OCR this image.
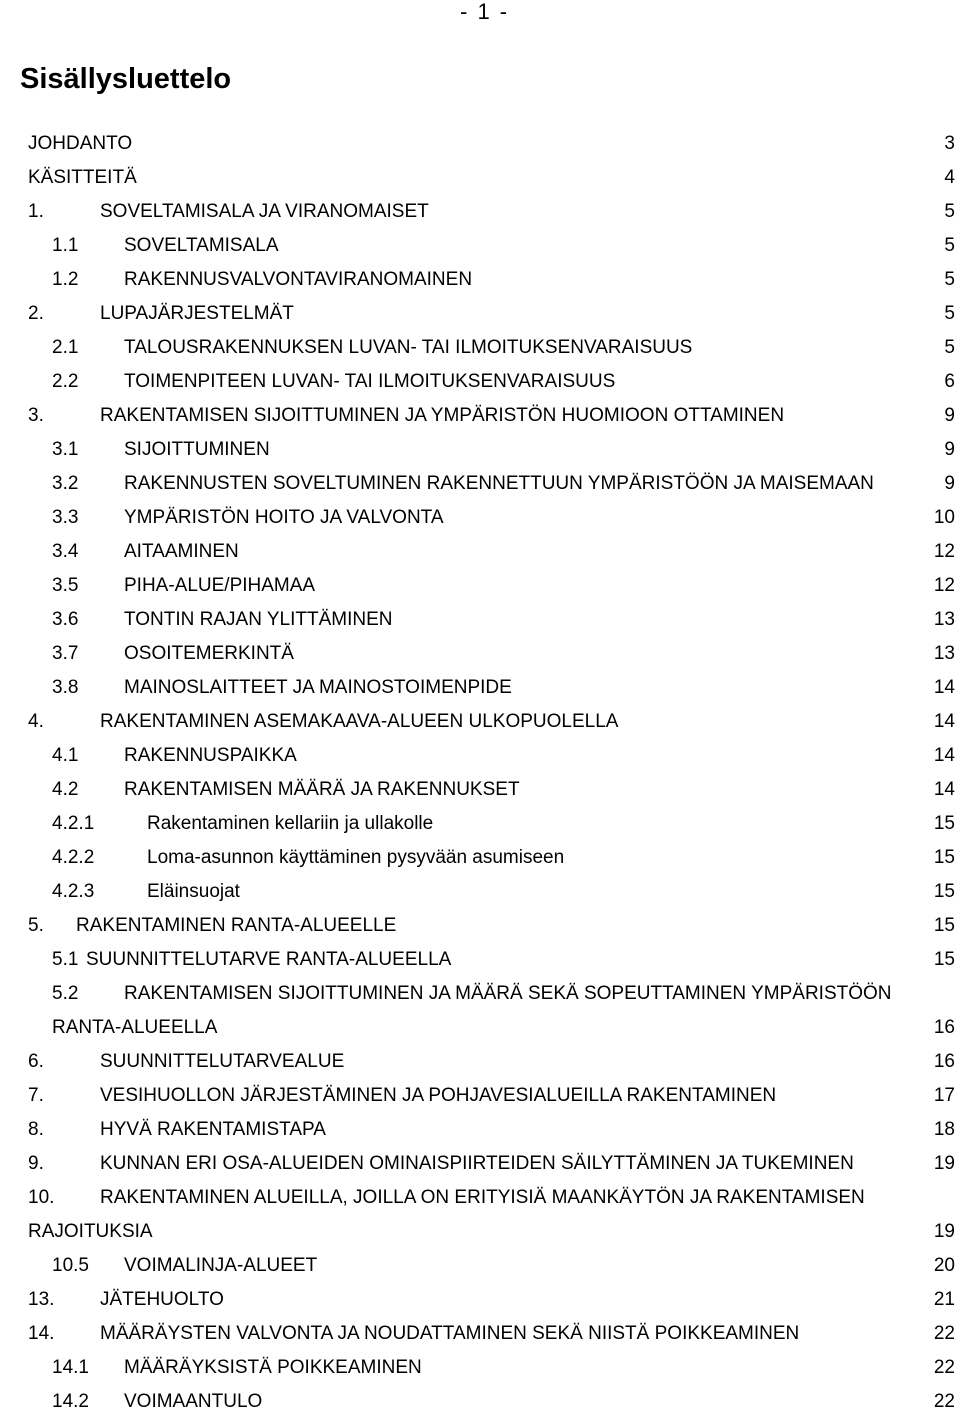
- 1 -
Sisällysluettelo
JOHDANTO	3
KÄSITTEITÄ	4
1.	SOVELTAMISALA JA VIRANOMAISET	5
1.1 SOVELTAMISALA	5
1.2 RAKENNUSVALVONTAVIRANOMAINEN	5
2.	LUPAJÄRJESTELMÄT	5
2.1 TALOUSRAKENNUKSEN LUVAN- TAI ILMOITUKSENVARAISUUS	5
2.2 TOIMENPITEEN LUVAN- TAI ILMOITUKSENVARAISUUS	6
3.	RAKENTAMISEN SIJOITTUMINEN JA YMPÄRISTÖN HUOMIOON OTTAMINEN	9
3.1 SIJOITTUMINEN	9
3.2 RAKENNUSTEN SOVELTUMINEN RAKENNETTUUN YMPÄRISTÖÖN JA MAISEMAAN	9
3.3 YMPÄRISTÖN HOITO JA VALVONTA	10
3.4 AITAAMINEN	12
3.5 PIHA-ALUE/PIHAMAA	12
3.6 TONTIN RAJAN YLITTÄMINEN	13
3.7 OSOITEMERKINTÄ	13
3.8 MAINOSLAITTEET JA MAINOSTOIMENPIDE	14
4.	RAKENTAMINEN ASEMAKAAVA-ALUEEN ULKOPUOLELLA	14
4.1 RAKENNUSPAIKKA	14
4.2 RAKENTAMISEN MÄÄRÄ JA RAKENNUKSET	14
4.2.1	Rakentaminen kellariin ja ullakolle	15
4.2.2	Loma-asunnon käyttäminen pysyvään asumiseen	15
4.2.3	Eläinsuojat	15
5. RAKENTAMINEN RANTA-ALUEELLE	15
5.1 SUUNNITTELUTARVE RANTA-ALUEELLA	15
5.2 RAKENTAMISEN SIJOITTUMINEN JA MÄÄRÄ SEKÄ SOPEUTTAMINEN YMPÄRISTÖÖN
RANTA-ALUEELLA	16
6.	SUUNNITTELUTARVEALUE	16
7.	VESIHUOLLON JÄRJESTÄMINEN JA POHJAVESIALUEILLA RAKENTAMINEN	17
8.	HYVÄ RAKENTAMISTAPA	18
9.	KUNNAN ERI OSA-ALUEIDEN OMINAISPIIRTEIDEN SÄILYTTÄMINEN JA TUKEMINEN	19
10. RAKENTAMINEN ALUEILLA, JOILLA ON ERITYISIÄ MAANKÄYTÖN JA RAKENTAMISEN
RAJOITUKSIA	19
10.5 VOIMALINJA-ALUEET	20
13. JÄTEHUOLTO	21
14. MÄÄRÄYSTEN VALVONTA JA NOUDATTAMINEN SEKÄ NIISTÄ POIKKEAMINEN	22
14.1 MÄÄRÄYKSISTÄ POIKKEAMINEN	22
14.2 VOIMAANTULO	22
